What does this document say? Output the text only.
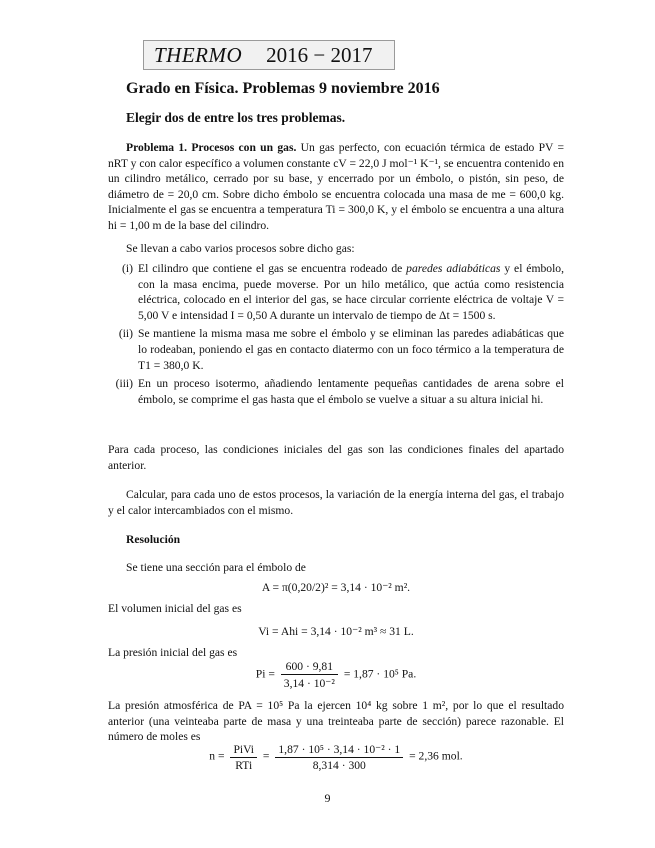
THERMO 2016 − 2017
Grado en Física. Problemas 9 noviembre 2016
Elegir dos de entre los tres problemas.
Problema 1. Procesos con un gas. Un gas perfecto, con ecuación térmica de estado PV = nRT y con calor específico a volumen constante cV = 22,0 J mol⁻¹ K⁻¹, se encuentra contenido en un cilindro metálico, cerrado por su base, y encerrado por un émbolo, o pistón, sin peso, de diámetro de = 20,0 cm. Sobre dicho émbolo se encuentra colocada una masa de me = 600,0 kg. Inicialmente el gas se encuentra a temperatura Ti = 300,0 K, y el émbolo se encuentra a una altura hi = 1,00 m de la base del cilindro.
Se llevan a cabo varios procesos sobre dicho gas:
(i) El cilindro que contiene el gas se encuentra rodeado de paredes adiabáticas y el émbolo, con la masa encima, puede moverse. Por un hilo metálico, que actúa como resistencia eléctrica, colocado en el interior del gas, se hace circular corriente eléctrica de voltaje V = 5,00 V e intensidad I = 0,50 A durante un intervalo de tiempo de Δt = 1500 s.
(ii) Se mantiene la misma masa me sobre el émbolo y se eliminan las paredes adiabáticas que lo rodeaban, poniendo el gas en contacto diatermo con un foco térmico a la temperatura de T1 = 380,0 K.
(iii) En un proceso isotermo, añadiendo lentamente pequeñas cantidades de arena sobre el émbolo, se comprime el gas hasta que el émbolo se vuelve a situar a su altura inicial hi.
Para cada proceso, las condiciones iniciales del gas son las condiciones finales del apartado anterior.
Calcular, para cada uno de estos procesos, la variación de la energía interna del gas, el trabajo y el calor intercambiados con el mismo.
Resolución
Se tiene una sección para el émbolo de
A = π(0,20/2)² = 3,14 · 10⁻² m².
El volumen inicial del gas es
Vi = Ahi = 3,14 · 10⁻² m³ ≈ 31 L.
La presión inicial del gas es
$Pi = \frac{600 \cdot 9,81}{\text{3,14 · 10⁻²}} = 1,87 \cdot 10^5$ Pa.
La presión atmosférica de PA = 10⁵ Pa la ejercen 10⁴ kg sobre 1 m², por lo que el resultado anterior (una veinteaba parte de masa y una treinteaba parte de sección) parece razonable. El número de moles es
$n = \frac{\text{PiVi}}{\text{RTi}} = \frac{\text{1,87 · 10⁵ · 3,14 · 10⁻² · 1}}{8,314 \cdot 300} = 2,36$ mol.
9
